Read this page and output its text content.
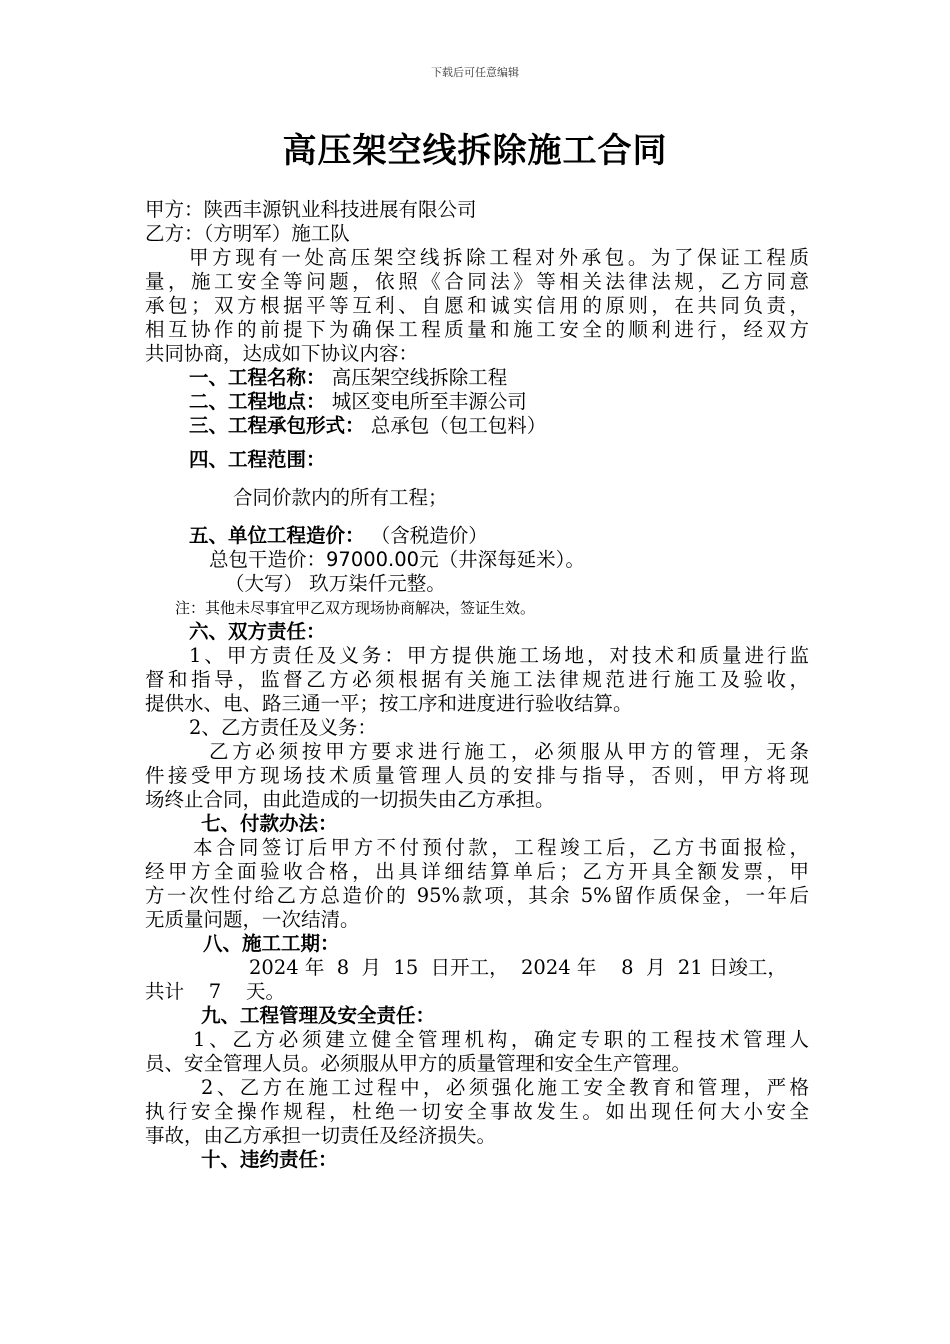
下载后可任意编辑
高压架空线拆除施工合同
甲方：陕西丰源钒业科技进展有限公司
乙方：（方明军）施工队
甲方现有一处高压架空线拆除工程对外承包。为了保证工程质
量，施工安全等问题，依照《合同法》等相关法律法规，乙方同意
承包；双方根据平等互利、自愿和诚实信用的原则，在共同负责，
相互协作的前提下为确保工程质量和施工安全的顺利进行，经双方
共同协商，达成如下协议内容：
一、工程名称： 高压架空线拆除工程
二、工程地点： 城区变电所至丰源公司
三、工程承包形式： 总承包（包工包料）
四、工程范围：
合同价款内的所有工程；
五、单位工程造价： （含税造价）
总包干造价：97000.00元（井深每延米）。
（大写） 玖万柒仟元整。
注：其他未尽事宜甲乙双方现场协商解决，签证生效。
六、双方责任：
1、甲方责任及义务：甲方提供施工场地，对技术和质量进行监
督和指导，监督乙方必须根据有关施工法律规范进行施工及验收，
提供水、电、路三通一平；按工序和进度进行验收结算。
2、乙方责任及义务：
乙方必须按甲方要求进行施工，必须服从甲方的管理，无条
件接受甲方现场技术质量管理人员的安排与指导，否则，甲方将现
场终止合同，由此造成的一切损失由乙方承担。
七、付款办法：
本合同签订后甲方不付预付款，工程竣工后，乙方书面报检，
经甲方全面验收合格，出具详细结算单后；乙方开具全额发票，甲
方一次性付给乙方总造价的 95%款项，其余 5%留作质保金，一年后
无质量问题，一次结清。
八、施工工期：
2024 年  8  月  15  日开工，  2024 年    8  月  21 日竣工，
共计    7    天。
九、工程管理及安全责任：
1、乙方必须建立健全管理机构，确定专职的工程技术管理人
员、安全管理人员。必须服从甲方的质量管理和安全生产管理。
2、乙方在施工过程中，必须强化施工安全教育和管理，严格
执行安全操作规程，杜绝一切安全事故发生。如出现任何大小安全
事故，由乙方承担一切责任及经济损失。
十、违约责任：
